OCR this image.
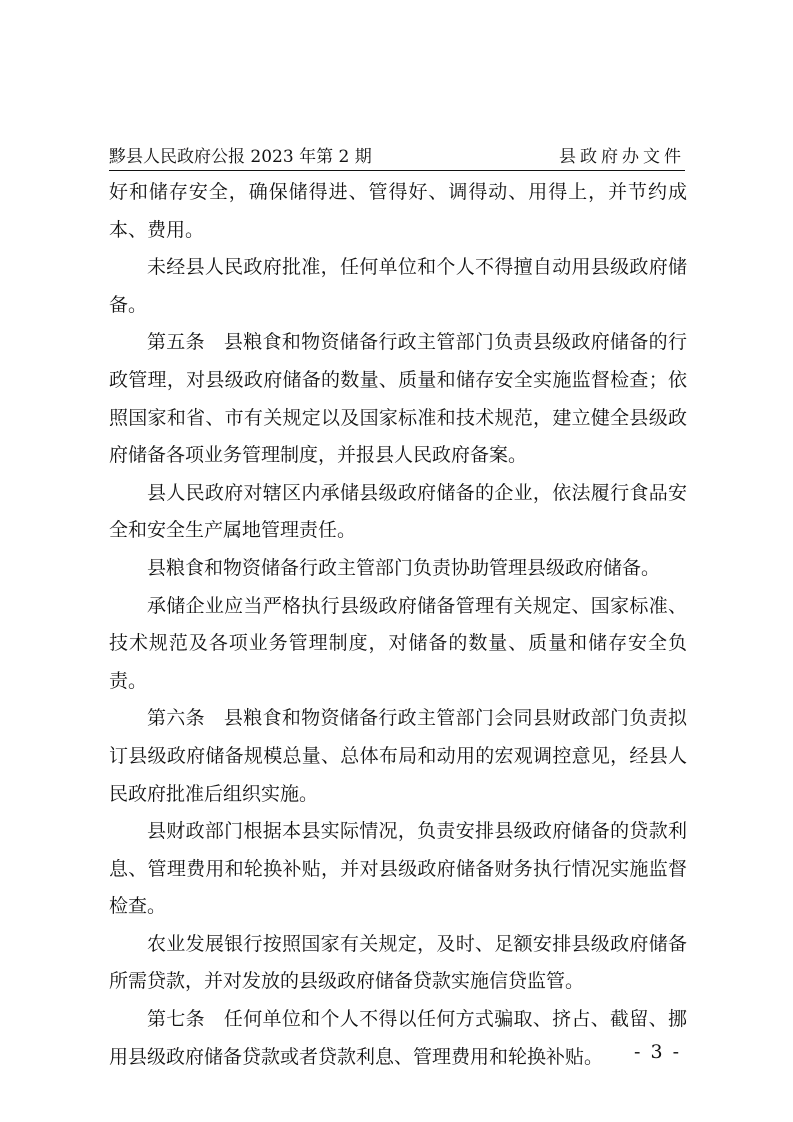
黟县人民政府公报 2023 年第 2 期	县政府办文件

好和储存安全，确保储得进、管得好、调得动、用得上，并节约成本、费用。

未经县人民政府批准，任何单位和个人不得擅自动用县级政府储备。

第五条 县粮食和物资储备行政主管部门负责县级政府储备的行政管理，对县级政府储备的数量、质量和储存安全实施监督检查；依照国家和省、市有关规定以及国家标准和技术规范，建立健全县级政府储备各项业务管理制度，并报县人民政府备案。

县人民政府对辖区内承储县级政府储备的企业，依法履行食品安全和安全生产属地管理责任。

县粮食和物资储备行政主管部门负责协助管理县级政府储备。

承储企业应当严格执行县级政府储备管理有关规定、国家标准、技术规范及各项业务管理制度，对储备的数量、质量和储存安全负责。

第六条 县粮食和物资储备行政主管部门会同县财政部门负责拟订县级政府储备规模总量、总体布局和动用的宏观调控意见，经县人民政府批准后组织实施。

县财政部门根据本县实际情况，负责安排县级政府储备的贷款利息、管理费用和轮换补贴，并对县级政府储备财务执行情况实施监督检查。

农业发展银行按照国家有关规定，及时、足额安排县级政府储备所需贷款，并对发放的县级政府储备贷款实施信贷监管。

第七条 任何单位和个人不得以任何方式骗取、挤占、截留、挪用县级政府储备贷款或者贷款利息、管理费用和轮换补贴。	- 3 -
